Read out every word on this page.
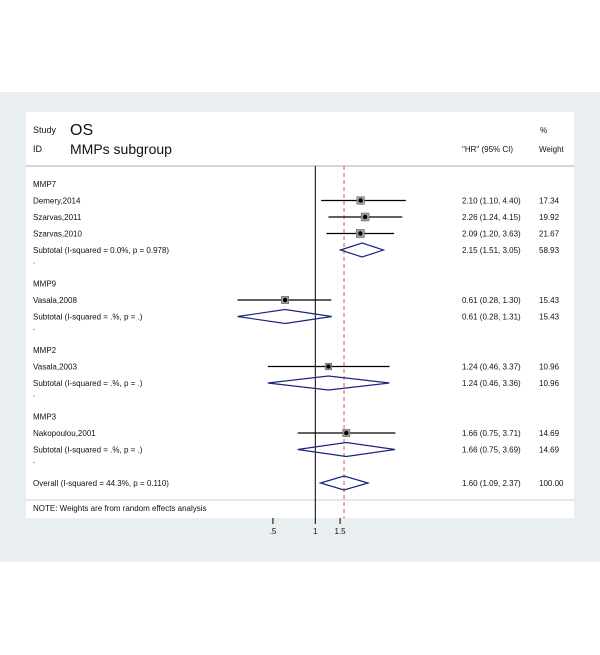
Study OS
ID MMPs subgroup	"HR" (95% CI)
%
Weight
MMP7
Demery,2014	2.10 (1.10, 4.40) 17.34
Szarvas,2011	2.26 (1.24, 4.15) 19.92
Szarvas,2010	2.09 (1.20, 3.63) 21.67
Subtotal (I-squared = 0.0%, p = 0.978)	2.15 (1.51, 3.05) 58.93
.
MMP9
Vasala,2008	0.61 (0.28, 1.30) 15.43
Subtotal (I-squared = .%, p = .)	0.61 (0.28, 1.31) 15.43
.
MMP2
Vasala,2003	1.24 (0.46, 3.37) 10.96
Subtotal (I-squared = .%, p = .)	1.24 (0.46, 3.36) 10.96
.
MMP3
Nakopoulou,2001	1.66 (0.75, 3.71) 14.69
Subtotal (I-squared = .%, p = .)	1.66 (0.75, 3.69) 14.69
.
Overall (I-squared = 44.3%, p = 0.110)	1.60 (1.09, 2.37) 100.00
.5	1 1.5
NOTE: Weights are from random effects analysis
